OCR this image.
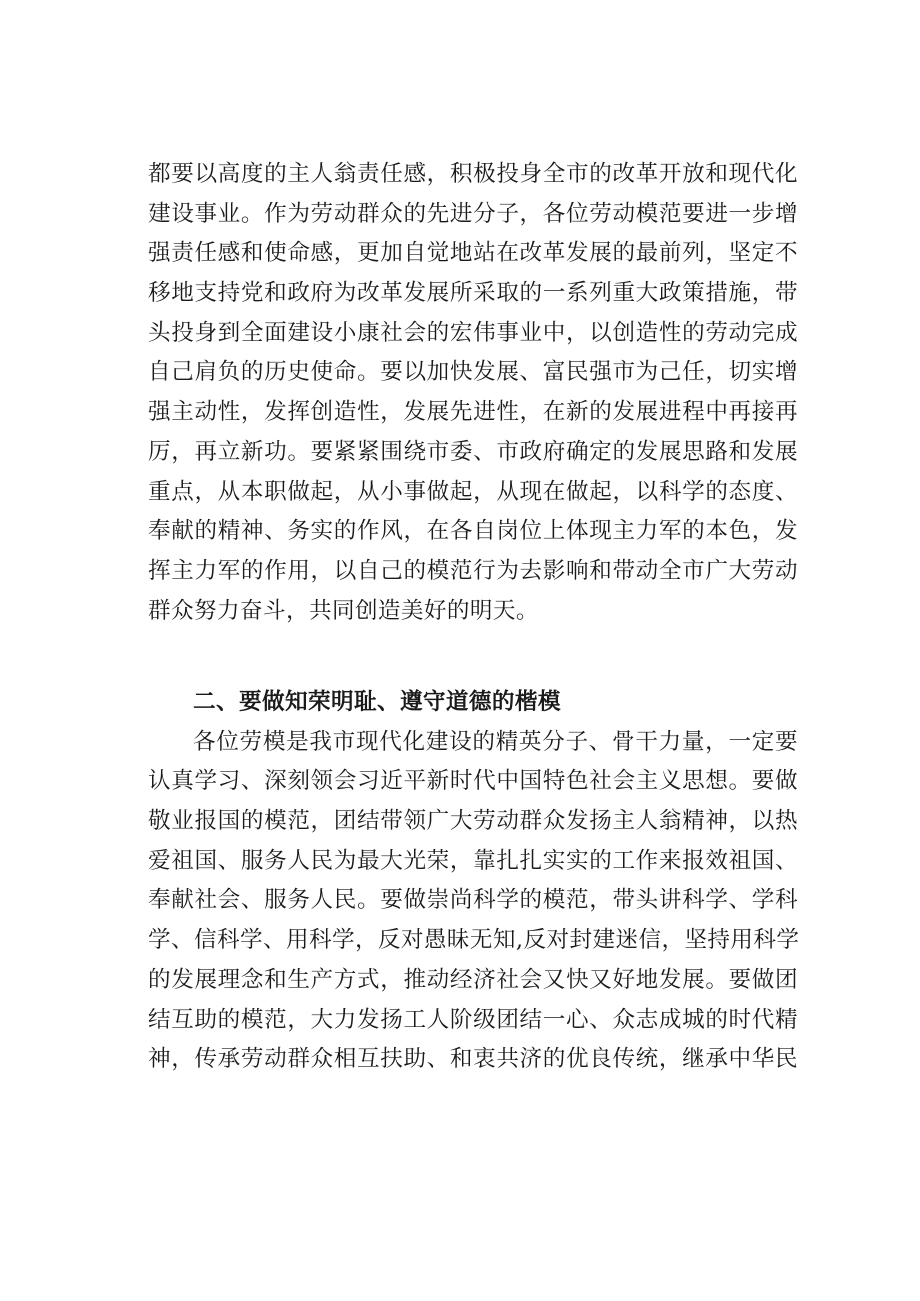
都要以高度的主人翁责任感，积极投身全市的改革开放和现代化
建设事业。作为劳动群众的先进分子，各位劳动模范要进一步增
强责任感和使命感，更加自觉地站在改革发展的最前列，坚定不
移地支持党和政府为改革发展所采取的一系列重大政策措施，带
头投身到全面建设小康社会的宏伟事业中，以创造性的劳动完成
自己肩负的历史使命。要以加快发展、富民强市为己任，切实增
强主动性，发挥创造性，发展先进性，在新的发展进程中再接再
厉，再立新功。要紧紧围绕市委、市政府确定的发展思路和发展
重点，从本职做起，从小事做起，从现在做起，以科学的态度、
奉献的精神、务实的作风，在各自岗位上体现主力军的本色，发
挥主力军的作用，以自己的模范行为去影响和带动全市广大劳动
群众努力奋斗，共同创造美好的明天。
二、要做知荣明耻、遵守道德的楷模
各位劳模是我市现代化建设的精英分子、骨干力量，一定要
认真学习、深刻领会习近平新时代中国特色社会主义思想。要做
敬业报国的模范，团结带领广大劳动群众发扬主人翁精神，以热
爱祖国、服务人民为最大光荣，靠扎扎实实的工作来报效祖国、
奉献社会、服务人民。要做崇尚科学的模范，带头讲科学、学科
学、信科学、用科学，反对愚昧无知,反对封建迷信，坚持用科学
的发展理念和生产方式，推动经济社会又快又好地发展。要做团
结互助的模范，大力发扬工人阶级团结一心、众志成城的时代精
神，传承劳动群众相互扶助、和衷共济的优良传统，继承中华民
